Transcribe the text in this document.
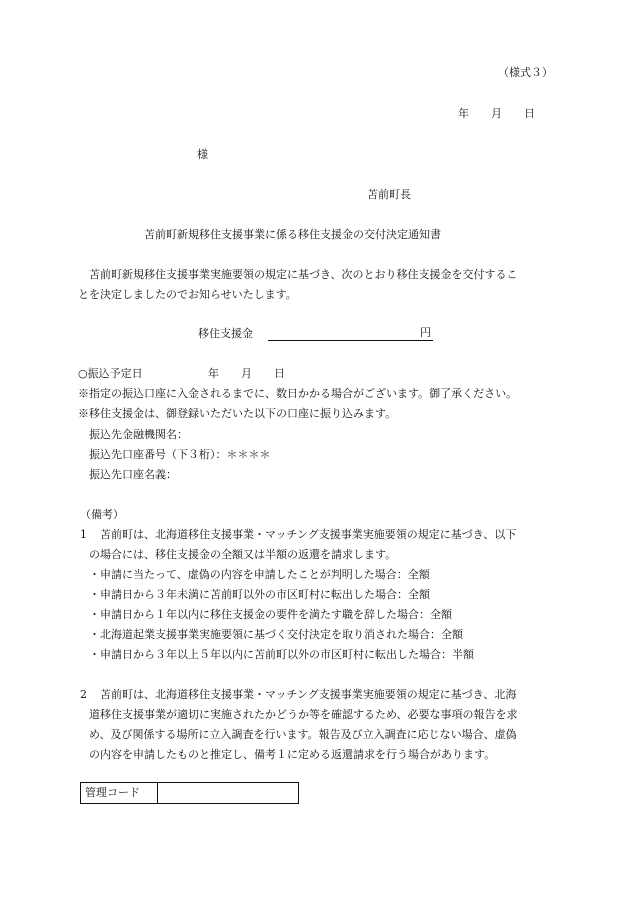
（様式３）
年　　月　　日
様
苫前町長
苫前町新規移住支援事業に係る移住支援金の交付決定通知書
苫前町新規移住支援事業実施要領の規定に基づき、次のとおり移住支援金を交付するこ
とを決定しましたのでお知らせいたします。
移住支援金	円
○振込予定日	年　　月　　日
※指定の振込口座に入金されるまでに、数日かかる場合がございます。御了承ください。
※移住支援金は、御登録いただいた以下の口座に振り込みます。
振込先金融機関名：
振込先口座番号（下３桁）：＊＊＊＊
振込先口座名義：
（備考）
1 苫前町は、北海道移住支援事業・マッチング支援事業実施要領の規定に基づき、以下
の場合には、移住支援金の全額又は半額の返還を請求します。
・申請に当たって、虚偽の内容を申請したことが判明した場合：全額
・申請日から３年未満に苫前町以外の市区町村に転出した場合：全額
・申請日から１年以内に移住支援金の要件を満たす職を辞した場合：全額
・北海道起業支援事業実施要領に基づく交付決定を取り消された場合：全額
・申請日から３年以上５年以内に苫前町以外の市区町村に転出した場合：半額
2 苫前町は、北海道移住支援事業・マッチング支援事業実施要領の規定に基づき、北海
道移住支援事業が適切に実施されたかどうか等を確認するため、必要な事項の報告を求
め、及び関係する場所に立入調査を行います。報告及び立入調査に応じない場合、虚偽
の内容を申請したものと推定し、備考１に定める返還請求を行う場合があります。
管理コード	
